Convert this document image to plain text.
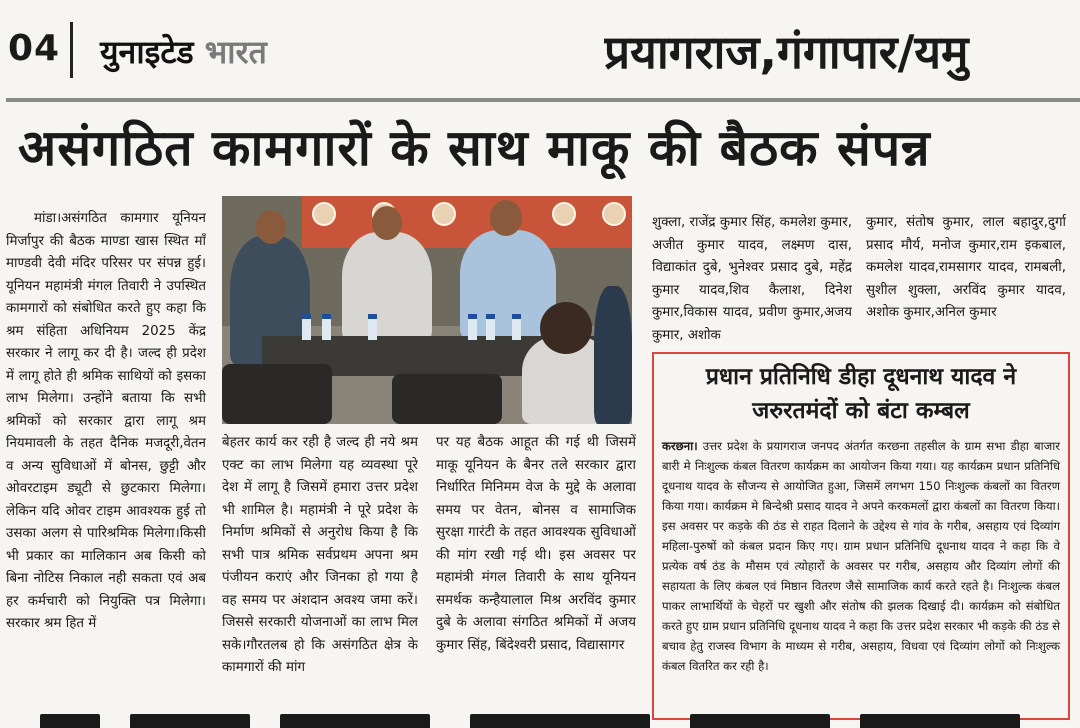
04 युनाइटेड भारत	प्रयागराज,गंगापार/यमु
असंगठित कामगारों के साथ माकू की बैठक संपन्न
मांडा।असंगठित कामगार यूनियन मिर्जापुर की बैठक माण्डा खास स्थित माँ माण्डवी देवी मंदिर परिसर पर संपन्न हुई। यूनियन महामंत्री मंगल तिवारी ने उपस्थित कामगारों को संबोधित करते हुए कहा कि श्रम संहिता अधिनियम 2025 केंद्र सरकार ने लागू कर दी है। जल्द ही प्रदेश में लागू होते ही श्रमिक साथियों को इसका लाभ मिलेगा। उन्होंने बताया कि सभी श्रमिकों को सरकार द्वारा लागू श्रम नियमावली के तहत दैनिक मजदूरी,वेतन व अन्य सुविधाओं में बोनस, छुट्टी और ओवरटाइम ड्यूटी से छुटकारा मिलेगा। लेकिन यदि ओवर टाइम आवश्यक हुई तो उसका अलग से पारिश्रमिक मिलेगा।किसी भी प्रकार का मालिकान अब किसी को बिना नोटिस निकाल नही सकता एवं अब हर कर्मचारी को नियुक्ति पत्र मिलेगा।सरकार श्रम हित में
बेहतर कार्य कर रही है जल्द ही नये श्रम एक्ट का लाभ मिलेगा यह व्यवस्था पूरे देश में लागू है जिसमें हमारा उत्तर प्रदेश भी शामिल है। महामंत्री ने पूरे प्रदेश के निर्माण श्रमिकों से अनुरोध किया है कि सभी पात्र श्रमिक सर्वप्रथम अपना श्रम पंजीयन कराएं और जिनका हो गया है वह समय पर अंशदान अवश्य जमा करें।जिससे सरकारी योजनाओं का लाभ मिल सके।गौरतलब हो कि असंगठित क्षेत्र के कामगारों की मांग
पर यह बैठक आहूत की गई थी जिसमें माकू यूनियन के बैनर तले सरकार द्वारा निर्धारित मिनिमम वेज के मुद्दे के अलावा समय पर वेतन, बोनस व सामाजिक सुरक्षा गारंटी के तहत आवश्यक सुविधाओं की मांग रखी गई थी। इस अवसर पर महामंत्री मंगल तिवारी के साथ यूनियन समर्थक कन्हैयालाल मिश्र अरविंद कुमार दुबे के अलावा संगठित श्रमिकों में अजय कुमार सिंह, बिंदेश्वरी प्रसाद, विद्यासागर
शुक्ला, राजेंद्र कुमार सिंह, कमलेश कुमार, अजीत कुमार यादव, लक्ष्मण दास, विद्याकांत दुबे, भुनेश्वर प्रसाद दुबे, महेंद्र कुमार यादव,शिव कैलाश, दिनेश कुमार,विकास यादव, प्रवीण कुमार,अजय कुमार, अशोक
कुमार, संतोष कुमार, लाल बहादुर,दुर्गा प्रसाद मौर्य, मनोज कुमार,राम इकबाल, कमलेश यादव,रामसागर यादव, रामबली, सुशील शुक्ला, अरविंद कुमार यादव, अशोक कुमार,अनिल कुमार
प्रधान प्रतिनिधि डीहा दूधनाथ यादव ने जरुरतमंदों को बंटा कम्बल
करछना। उत्तर प्रदेश के प्रयागराज जनपद अंतर्गत करछना तहसील के ग्राम सभा डीहा बाजार बारी मे निःशुल्क कंबल वितरण कार्यक्रम का आयोजन किया गया। यह कार्यक्रम प्रधान प्रतिनिधि दूधनाथ यादव के सौजन्य से आयोजित हुआ, जिसमें लगभग 150 निःशुल्क कंबलों का वितरण किया गया। कार्यक्रम मे बिन्देश्री प्रसाद यादव ने अपने करकमलों द्वारा कंबलों का वितरण किया। इस अवसर पर कड़के की ठंड से राहत दिलाने के उद्देश्य से गांव के गरीब, असहाय एवं दिव्यांग महिला-पुरुषों को कंबल प्रदान किए गए। ग्राम प्रधान प्रतिनिधि दूधनाथ यादव ने कहा कि वे प्रत्येक वर्ष ठंड के मौसम एवं त्योहारों के अवसर पर गरीब, असहाय और दिव्यांग लोगों की सहायता के लिए कंबल एवं मिष्ठान वितरण जैसे सामाजिक कार्य करते रहते है। निःशुल्क कंबल पाकर लाभार्थियों के चेहरों पर खुशी और संतोष की झलक दिखाई दी। कार्यक्रम को संबोधित करते हुए ग्राम प्रधान प्रतिनिधि दूधनाथ यादव ने कहा कि उत्तर प्रदेश सरकार भी कड़के की ठंड से बचाव हेतु राजस्व विभाग के माध्यम से गरीब, असहाय, विधवा एवं दिव्यांग लोगों को निःशुल्क कंबल वितरित कर रही है।
